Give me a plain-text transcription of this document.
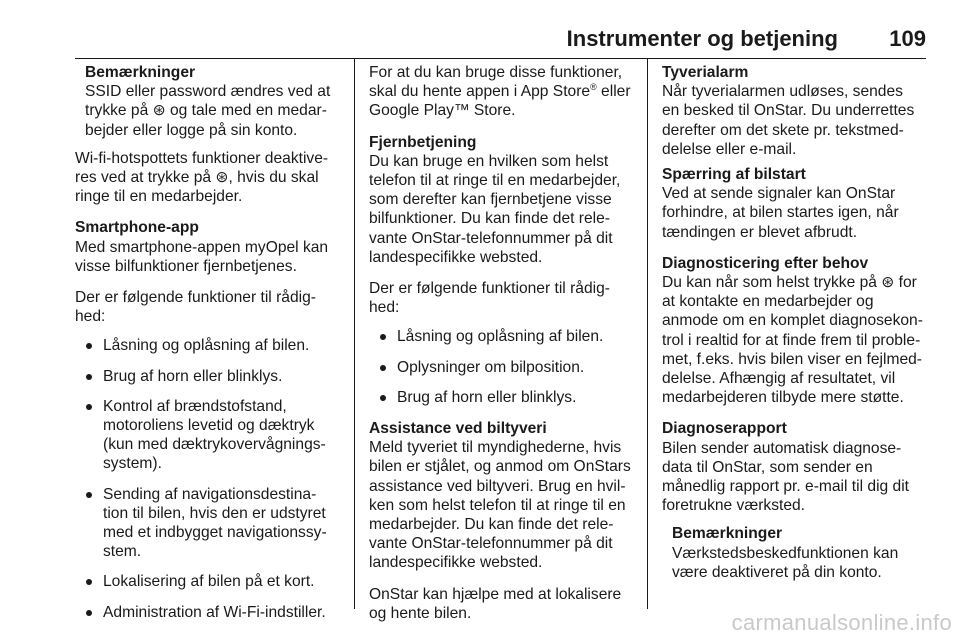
Instrumenter og betjening 109

Bemærkninger
SSID eller password ændres ved at
trykke på ⊛ og tale med en medar-
bejder eller logge på sin konto.

Wi-fi-hotspottets funktioner deaktive-
res ved at trykke på ⊛, hvis du skal
ringe til en medarbejder.

Smartphone-app
Med smartphone-appen myOpel kan
visse bilfunktioner fjernbetjenes.

Der er følgende funktioner til rådig-
hed:

Låsning og oplåsning af bilen.
Brug af horn eller blinklys.
Kontrol af brændstofstand,
motoroliens levetid og dæktryk
(kun med dæktrykovervågnings-
system).
Sending af navigationsdestina-
tion til bilen, hvis den er udstyret
med et indbygget navigationssy-
stem.
Lokalisering af bilen på et kort.
Administration af Wi-Fi-indstiller.

For at du kan bruge disse funktioner,
skal du hente appen i App Store® eller
Google Play™ Store.

Fjernbetjening
Du kan bruge en hvilken som helst
telefon til at ringe til en medarbejder,
som derefter kan fjernbetjene visse
bilfunktioner. Du kan finde det rele-
vante OnStar-telefonnummer på dit
landespecifikke websted.

Der er følgende funktioner til rådig-
hed:

Låsning og oplåsning af bilen.
Oplysninger om bilposition.
Brug af horn eller blinklys.

Assistance ved biltyveri
Meld tyveriet til myndighederne, hvis
bilen er stjålet, og anmod om OnStars
assistance ved biltyveri. Brug en hvil-
ken som helst telefon til at ringe til en
medarbejder. Du kan finde det rele-
vante OnStar-telefonnummer på dit
landespecifikke websted.

OnStar kan hjælpe med at lokalisere
og hente bilen.

Tyverialarm
Når tyverialarmen udløses, sendes
en besked til OnStar. Du underrettes
derefter om det skete pr. tekstmed-
delelse eller e-mail.

Spærring af bilstart
Ved at sende signaler kan OnStar
forhindre, at bilen startes igen, når
tændingen er blevet afbrudt.

Diagnosticering efter behov
Du kan når som helst trykke på ⊛ for
at kontakte en medarbejder og
anmode om en komplet diagnosekon-
trol i realtid for at finde frem til proble-
met, f.eks. hvis bilen viser en fejlmed-
delelse. Afhængig af resultatet, vil
medarbejderen tilbyde mere støtte.

Diagnoserapport
Bilen sender automatisk diagnose-
data til OnStar, som sender en
månedlig rapport pr. e-mail til dig dit
foretrukne værksted.

Bemærkninger
Værkstedsbeskedfunktionen kan
være deaktiveret på din konto.

carmanualsonline.info
